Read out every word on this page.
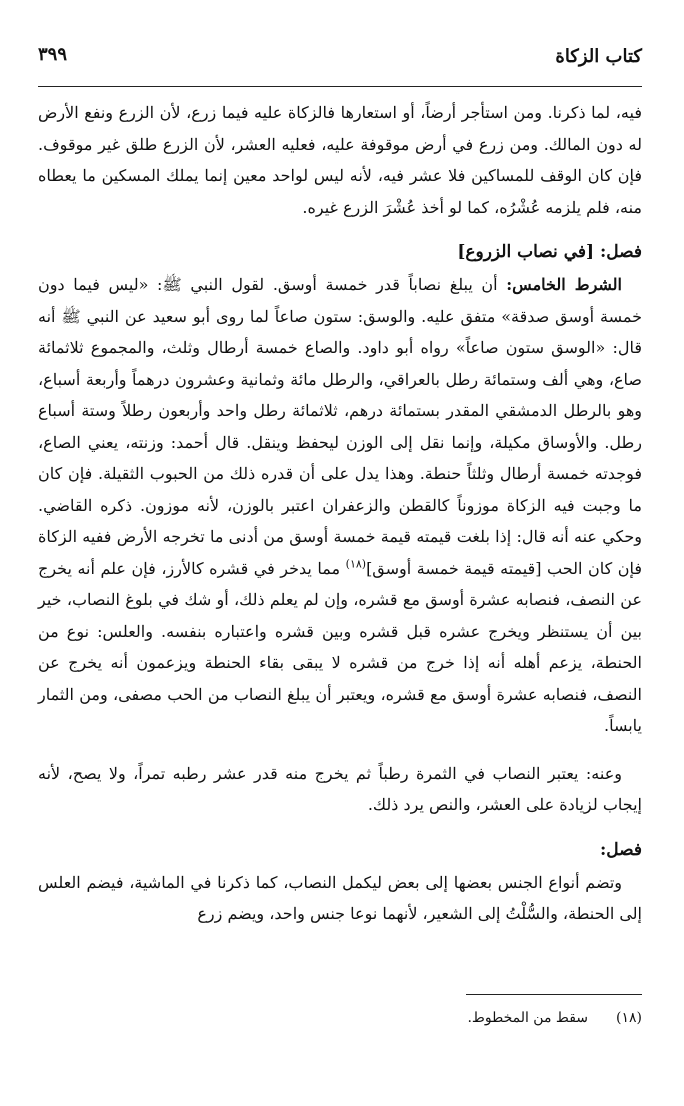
كتاب الزكاة
٣٩٩

فيه، لما ذكرنا. ومن استأجر أرضاً، أو استعارها فالزكاة عليه فيما زرع، لأن الزرع ونفع الأرض له دون المالك. ومن زرع في أرض موقوفة عليه، فعليه العشر، لأن الزرع طلق غير موقوف. فإن كان الوقف للمساكين فلا عشر فيه، لأنه ليس لواحد معين إنما يملك المسكين ما يعطاه منه، فلم يلزمه عُشْرُه، كما لو أخذ عُشْرَ الزرع غيره.

فصل: [في نصاب الزروع]

الشرط الخامس: أن يبلغ نصاباً قدر خمسة أوسق. لقول النبي ﷺ: «ليس فيما دون خمسة أوسق صدقة» متفق عليه. والوسق: ستون صاعاً لما روى أبو سعيد عن النبي ﷺ أنه قال: «الوسق ستون صاعاً» رواه أبو داود. والصاع خمسة أرطال وثلث، والمجموع ثلاثمائة صاع، وهي ألف وستمائة رطل بالعراقي، والرطل مائة وثمانية وعشرون درهماً وأربعة أسباع، وهو بالرطل الدمشقي المقدر بستمائة درهم، ثلاثمائة رطل واحد وأربعون رطلاً وستة أسباع رطل. والأوساق مكيلة، وإنما نقل إلى الوزن ليحفظ وينقل. قال أحمد: وزنته، يعني الصاع، فوجدته خمسة أرطال وثلثاً حنطة. وهذا يدل على أن قدره ذلك من الحبوب الثقيلة. فإن كان ما وجبت فيه الزكاة موزوناً كالقطن والزعفران اعتبر بالوزن، لأنه موزون. ذكره القاضي. وحكي عنه أنه قال: إذا بلغت قيمته قيمة خمسة أوسق من أدنى ما تخرجه الأرض ففيه الزكاة فإن كان الحب [قيمته قيمة خمسة أوسق]$^{(١٨)}$ مما يدخر في قشره كالأرز، فإن علم أنه يخرج عن النصف، فنصابه عشرة أوسق مع قشره، وإن لم يعلم ذلك، أو شك في بلوغ النصاب، خير بين أن يستنظر ويخرج عشره قبل قشره وبين قشره واعتباره بنفسه. والعلس: نوع من الحنطة، يزعم أهله أنه إذا خرج من قشره لا يبقى بقاء الحنطة ويزعمون أنه يخرج عن النصف، فنصابه عشرة أوسق مع قشره، ويعتبر أن يبلغ النصاب من الحب مصفى، ومن الثمار يابساً.

وعنه: يعتبر النصاب في الثمرة رطباً ثم يخرج منه قدر عشر رطبه تمراً، ولا يصح، لأنه إيجاب لزيادة على العشر، والنص يرد ذلك.

فصل:

وتضم أنواع الجنس بعضها إلى بعض ليكمل النصاب، كما ذكرنا في الماشية، فيضم العلس إلى الحنطة، والسُّلْتُ إلى الشعير، لأنهما نوعا جنس واحد، ويضم زرع

(١٨)سقط من المخطوط.
